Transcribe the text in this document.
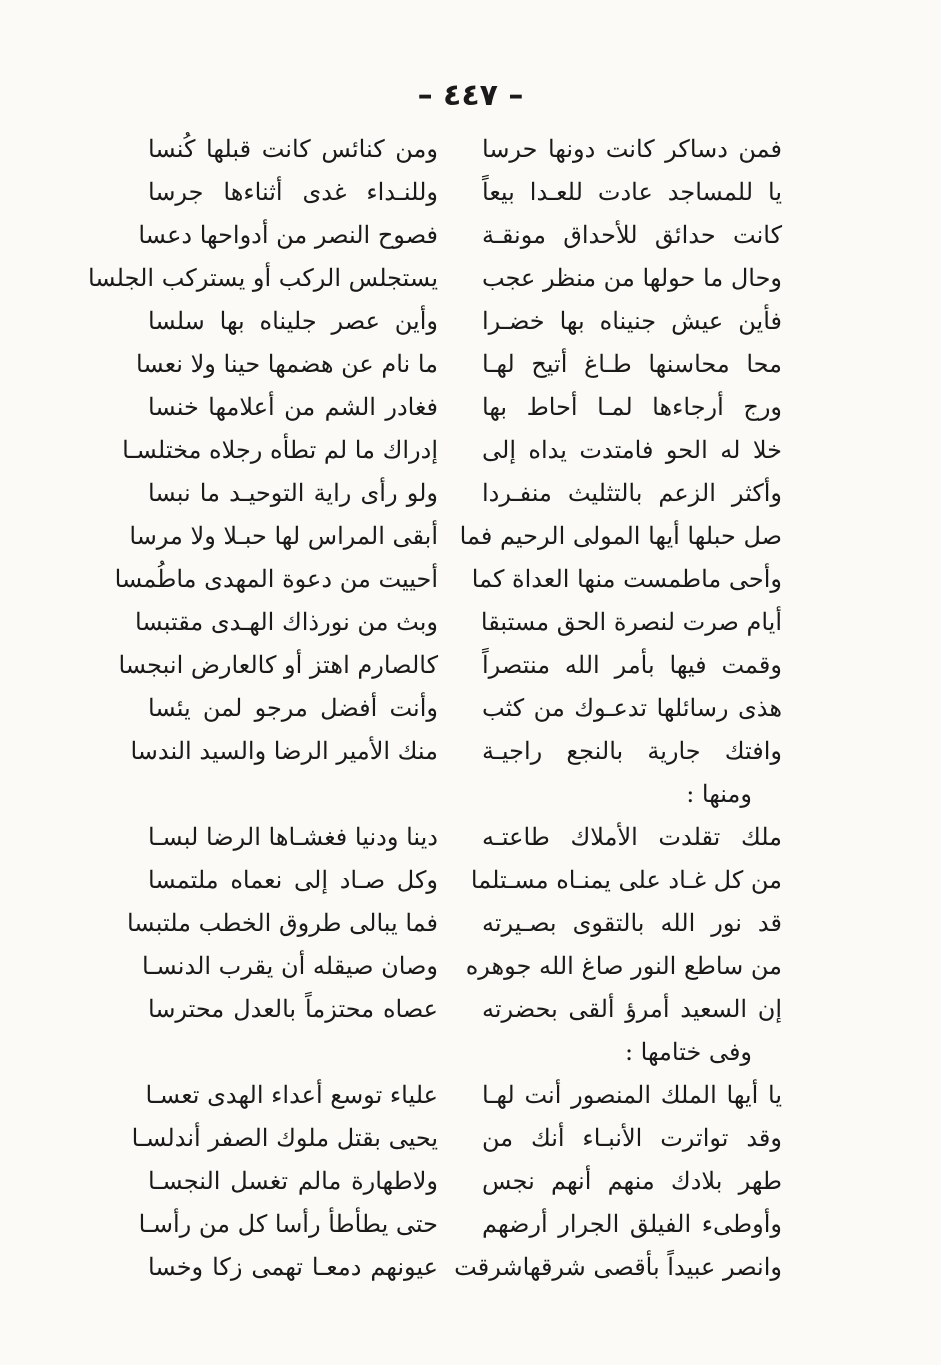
– ٤٤٧ –
فمن دساكر كانت دونها حرسا
يا للمساجد عادت للعـدا بيعاً
كانت حدائق للأحداق مونقـة
وحال ما حولها من منظر عجب
فأين عيش جنيناه بها خضـرا
محا محاسنها طـاغ أتيح لهـا
ورج أرجاءها لمـا أحاط بها
خلا له الحو فامتدت يداه إلى
وأكثر الزعم بالتثليث منفـردا
صل حبلها أيها المولى الرحيم فما
وأحى ماطمست منها العداة كما
أيام صرت لنصرة الحق مستبقا
وقمت فيها بأمر الله منتصراً
هذى رسائلها تدعـوك من كثب
وافتك جارية بالنجع راجيـة
ومنها :
ملك تقلدت الأملاك طاعتـه
من كل غـاد على يمنـاه مسـتلما
قد نور الله بالتقوى بصـيرته
من ساطع النور صاغ الله جوهره
إن السعيد أمرؤ ألقى بحضرته
وفى ختامها :
يا أيها الملك المنصور أنت لهـا
وقد تواترت الأنبـاء أنك من
طهر بلادك منهم أنهم نجس
وأوطىء الفيلق الجرار أرضهم
وانصر عبيداً بأقصى شرقهاشرقت
ومن كنائس كانت قبلها كُنسا
وللنـداء غدى أثناءها جرسا
فصوح النصر من أدواحها دعسا
يستجلس الركب أو يستركب الجلسا
وأين عصر جليناه بها سلسا
ما نام عن هضمها حينا ولا نعسا
فغادر الشم من أعلامها خنسا
إدراك ما لم تطأه رجلاه مختلسـا
ولو رأى راية التوحيـد ما نبسا
أبقى المراس لها حبـلا ولا مرسا
أحييت من دعوة المهدى ماطُمسا
وبث من نورذاك الهـدى مقتبسا
كالصارم اهتز أو كالعارض انبجسا
وأنت أفضل مرجو لمن يئسا
منك الأمير الرضا والسيد الندسا
دينا ودنيا فغشـاها الرضا لبسـا
وكل صـاد إلى نعماه ملتمسا
فما يبالى طروق الخطب ملتبسا
وصان صيقله أن يقرب الدنسـا
عصاه محتزماً بالعدل محترسا
علياء توسع أعداء الهدى تعسـا
يحيى بقتل ملوك الصفر أندلسـا
ولاطهارة مالم تغسل النجسـا
حتى يطأطأ رأسا كل من رأسـا
عيونهم دمعـا تهمى زكا وخسا
